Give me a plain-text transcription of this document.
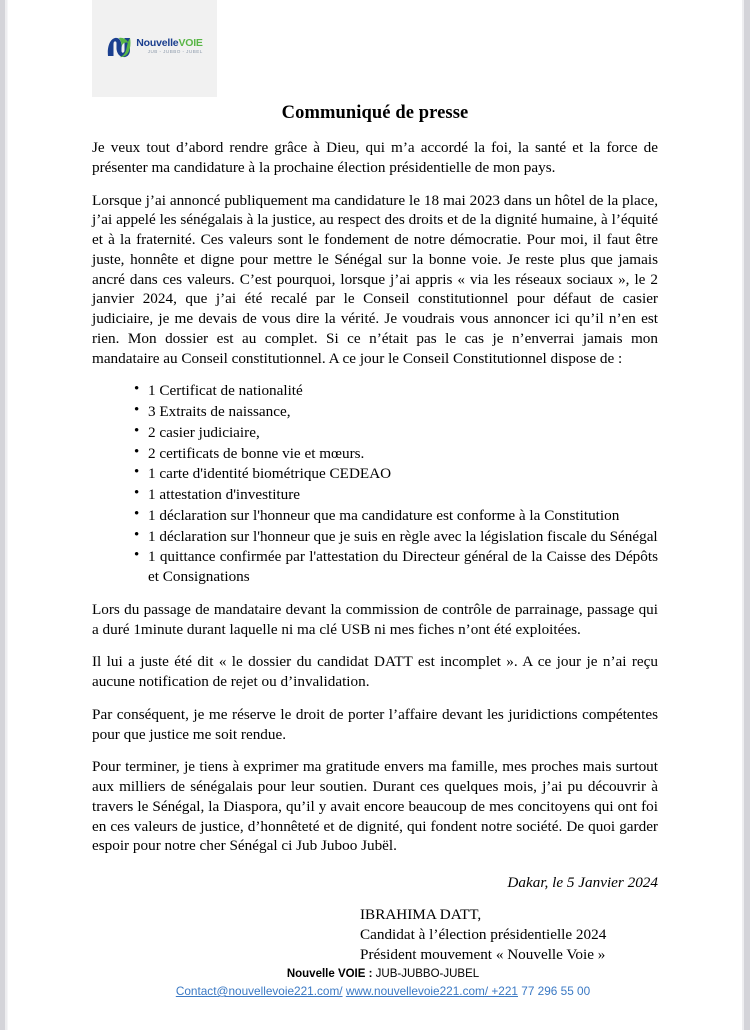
NouvelleVOIE
JUB - JUBBO - JUBEL
Communiqué de presse

Je veux tout d’abord rendre grâce à Dieu, qui m’a accordé la foi, la santé et la force de présenter ma candidature à la prochaine élection présidentielle de mon pays.

Lorsque j’ai annoncé publiquement ma candidature le 18 mai 2023 dans un hôtel de la place, j’ai appelé les sénégalais à la justice, au respect des droits et de la dignité humaine, à l’équité et à la fraternité. Ces valeurs sont le fondement de notre démocratie. Pour moi, il faut être juste, honnête et digne pour mettre le Sénégal sur la bonne voie. Je reste plus que jamais ancré dans ces valeurs. C’est pourquoi, lorsque j’ai appris « via les réseaux sociaux », le 2 janvier 2024, que j’ai été recalé par le Conseil constitutionnel pour défaut de casier judiciaire, je me devais de vous dire la vérité. Je voudrais vous annoncer ici qu’il n’en est rien. Mon dossier est au complet. Si ce n’était pas le cas je n’enverrai jamais mon mandataire au Conseil constitutionnel. A ce jour le Conseil Constitutionnel dispose de :

• 1 Certificat de nationalité
• 3 Extraits de naissance,
• 2 casier judiciaire,
• 2 certificats de bonne vie et mœurs.
• 1 carte d'identité biométrique CEDEAO
• 1 attestation d'investiture
• 1 déclaration sur l'honneur que ma candidature est conforme à la Constitution
• 1 déclaration sur l'honneur que je suis en règle avec la législation fiscale du Sénégal
• 1 quittance confirmée par l'attestation du Directeur général de la Caisse des Dépôts et Consignations

Lors du passage de mandataire devant la commission de contrôle de parrainage, passage qui a duré 1minute durant laquelle ni ma clé USB ni mes fiches n’ont été exploitées.

Il lui a juste été dit « le dossier du candidat DATT est incomplet ». A ce jour je n’ai reçu aucune notification de rejet ou d’invalidation.

Par conséquent, je me réserve le droit de porter l’affaire devant les juridictions compétentes pour que justice me soit rendue.

Pour terminer, je tiens à exprimer ma gratitude envers ma famille, mes proches mais surtout aux milliers de sénégalais pour leur soutien. Durant ces quelques mois, j’ai pu découvrir à travers le Sénégal, la Diaspora, qu’il y avait encore beaucoup de mes concitoyens qui ont foi en ces valeurs de justice, d’honnêteté et de dignité, qui fondent notre société. De quoi garder espoir pour notre cher Sénégal ci Jub Juboo Jubël.

Dakar, le 5 Janvier 2024
IBRAHIMA DATT,
Candidat à l’élection présidentielle 2024
Président mouvement « Nouvelle Voie »
Nouvelle VOIE : JUB-JUBBO-JUBEL
Contact@nouvellevoie221.com/ www.nouvellevoie221.com/ +221 77 296 55 00
